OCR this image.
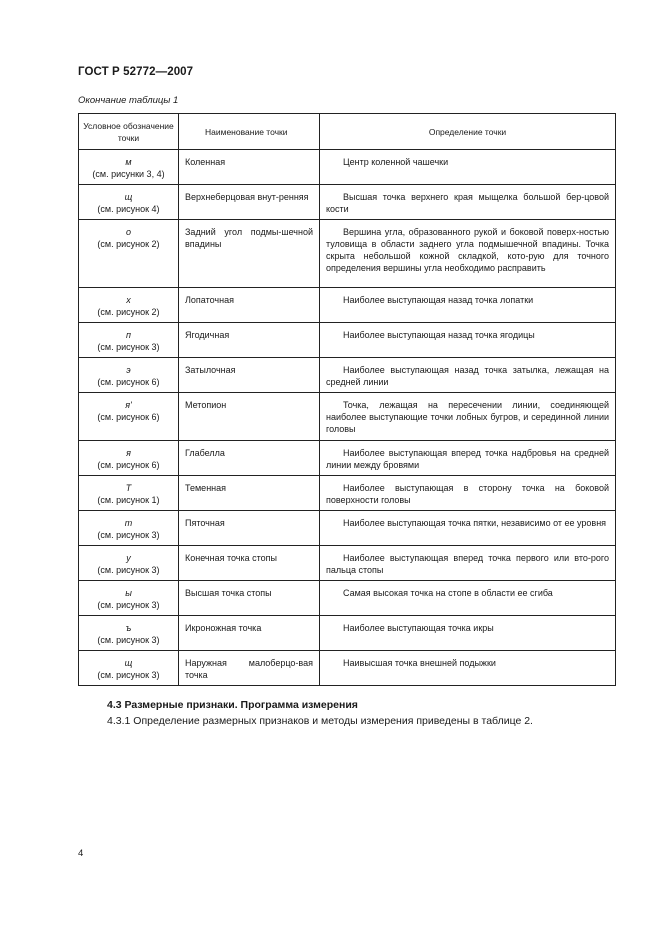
ГОСТ Р 52772—2007
Окончание таблицы 1
Условное обозначение точки	Наименование точки	Определение точки

м
(см. рисунки 3, 4)	Коленная	Центр коленной чашечки

щ
(см. рисунок 4)	Верхнеберцовая внут-ренняя	Высшая точка верхнего края мыщелка большой бер-цовой кости

о
(см. рисунок 2)	Задний угол подмы-шечной впадины	Вершина угла, образованного рукой и боковой поверх-ностью туловища в области заднего угла подмышечной впадины. Точка скрыта небольшой кожной складкой, кото-рую для точного определения вершины угла необходимо расправить

х
(см. рисунок 2)	Лопаточная	Наиболее выступающая назад точка лопатки

п
(см. рисунок 3)	Ягодичная	Наиболее выступающая назад точка ягодицы

э
(см. рисунок 6)	Затылочная	Наиболее выступающая назад точка затылка, лежащая на средней линии

я'
(см. рисунок 6)	Метопион	Точка, лежащая на пересечении линии, соединяющей наиболее выступающие точки лобных бугров, и серединной линии головы

я
(см. рисунок 6)	Глабелла	Наиболее выступающая вперед точка надбровья на средней линии между бровями

Т
(см. рисунок 1)	Теменная	Наиболее выступающая в сторону точка на боковой поверхности головы

т
(см. рисунок 3)	Пяточная	Наиболее выступающая точка пятки, независимо от ее уровня

у
(см. рисунок 3)	Конечная точка стопы	Наиболее выступающая вперед точка первого или вто-рого пальца стопы

ы
(см. рисунок 3)	Высшая точка стопы	Самая высокая точка на стопе в области ее сгиба

ъ
(см. рисунок 3)	Икроножная точка	Наиболее выступающая точка икры

щ
(см. рисунок 3)	Наружная малоберцо-вая точка	Наивысшая точка внешней подыжки
4.3 Размерные признаки. Программа измерения
4.3.1 Определение размерных признаков и методы измерения приведены в таблице 2.
4
